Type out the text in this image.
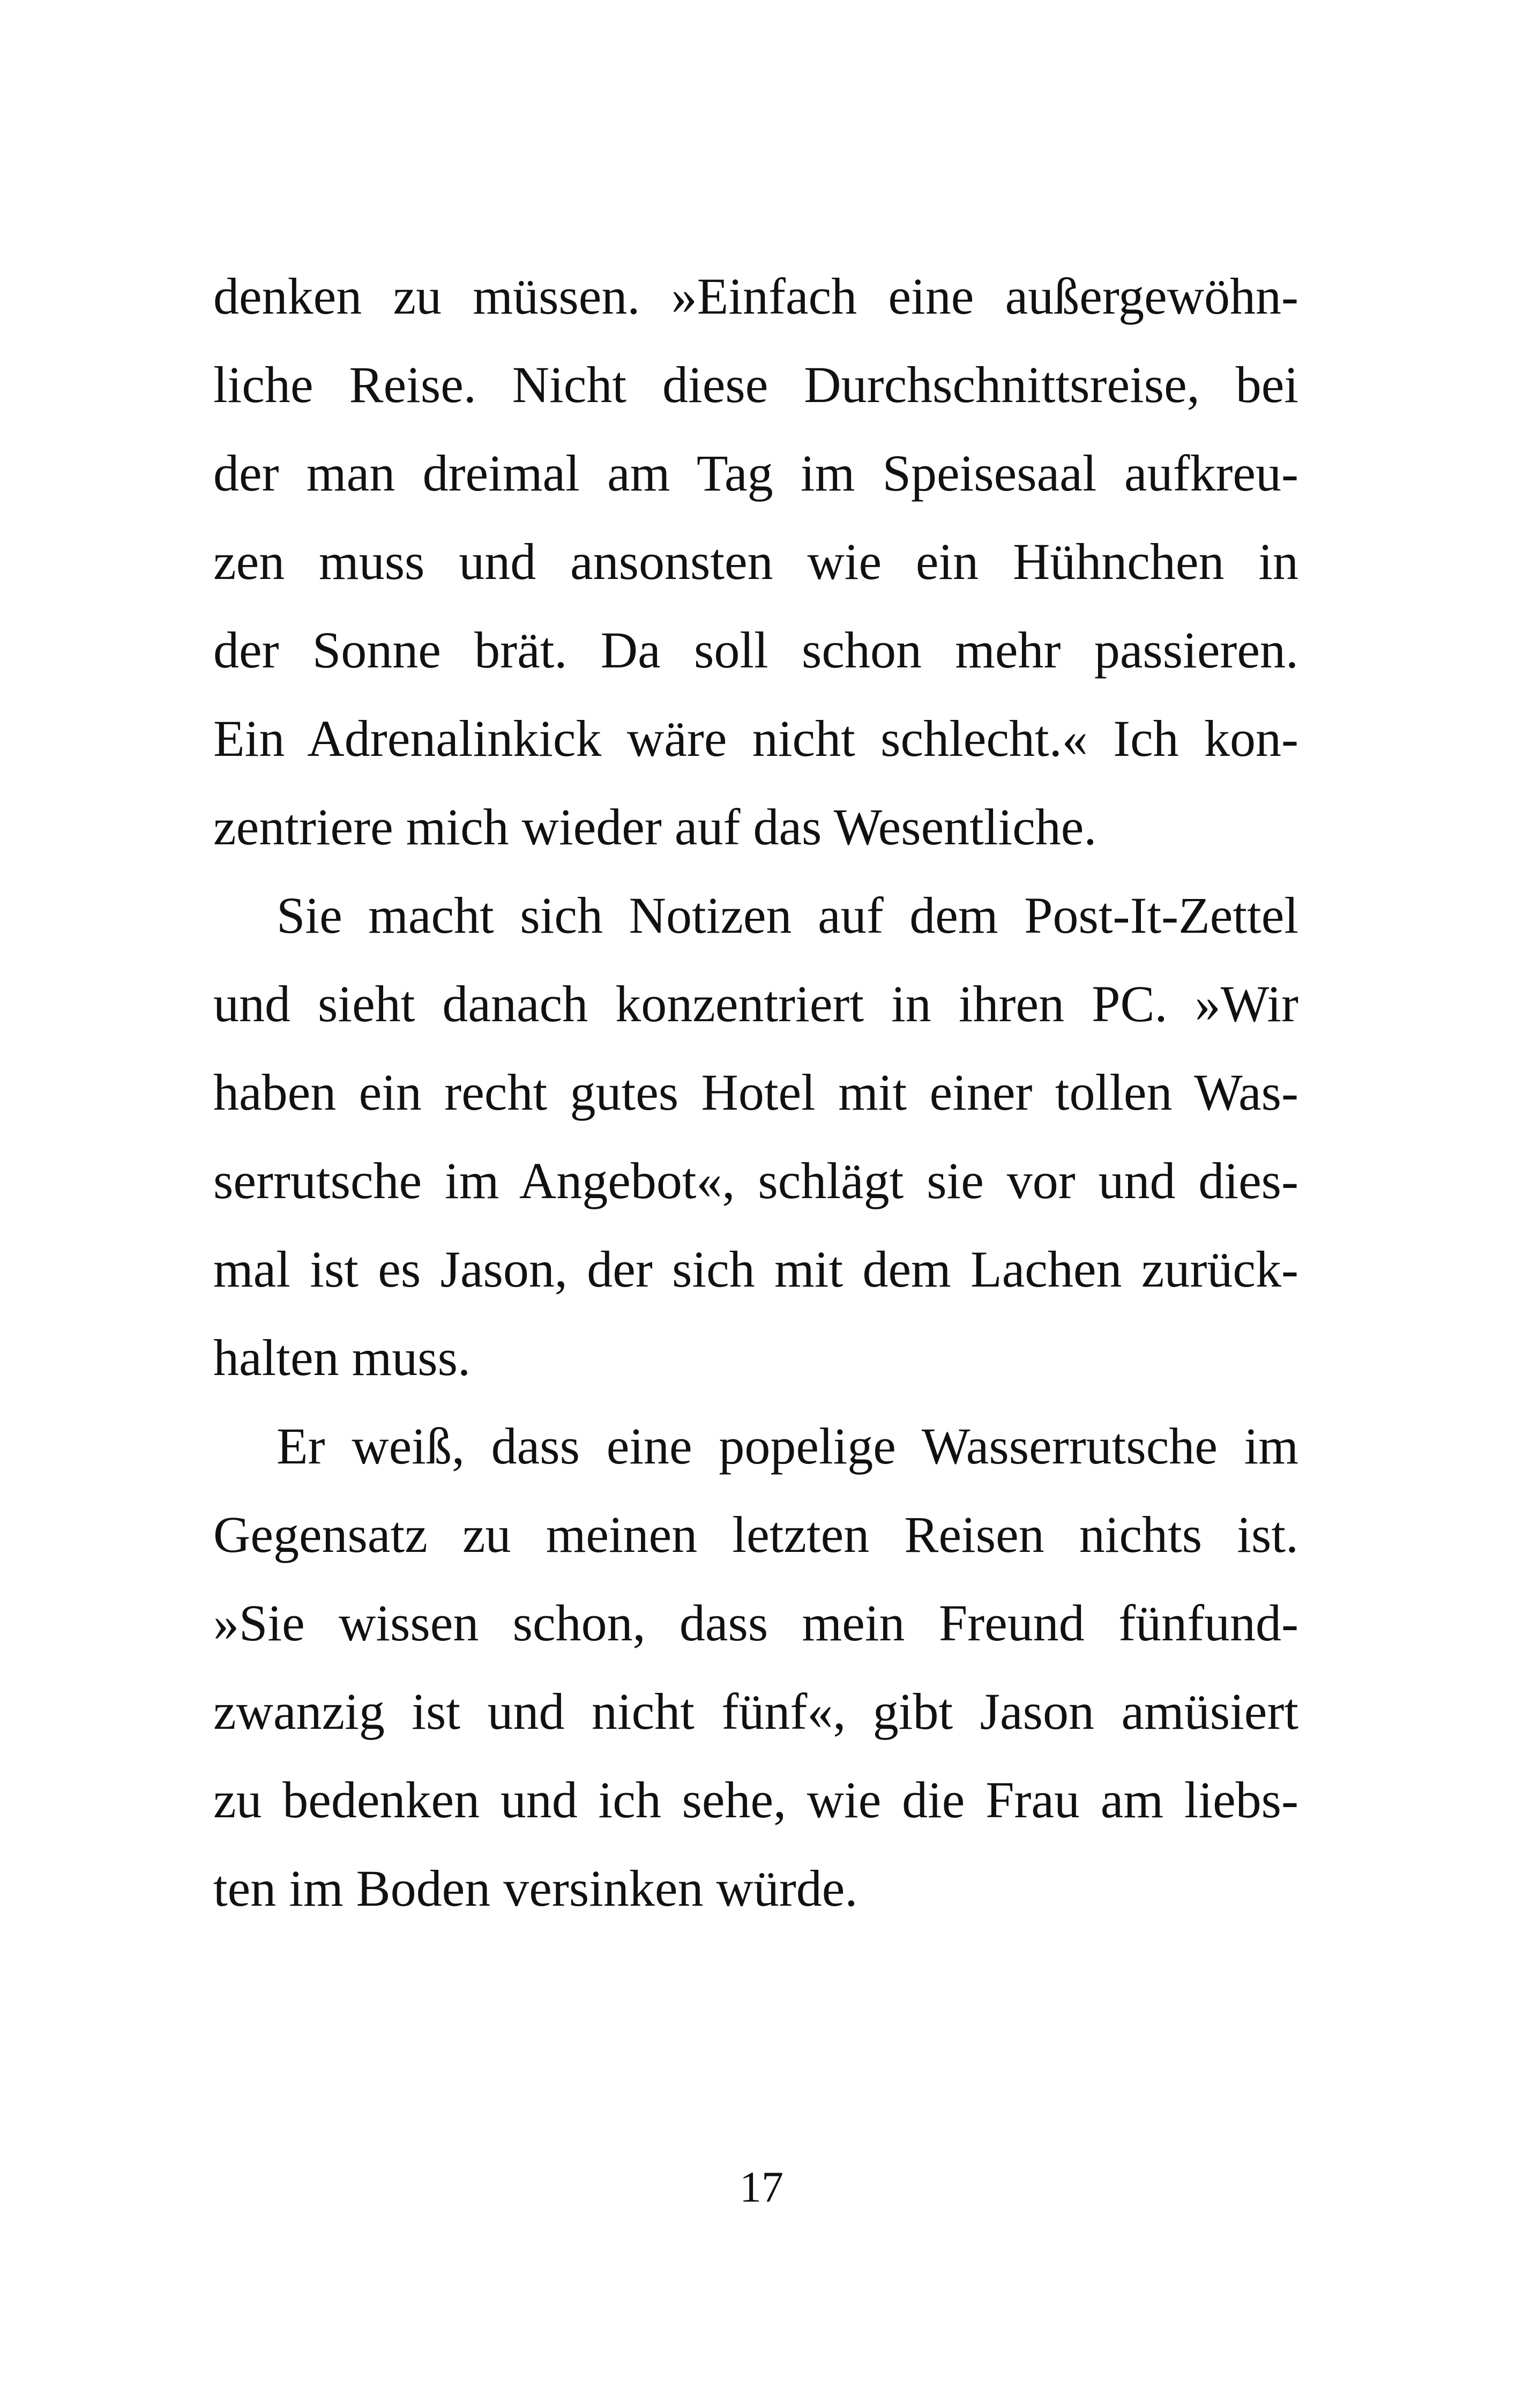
denken zu müssen. »Einfach eine außergewöhn-
liche Reise. Nicht diese Durchschnittsreise, bei
der man dreimal am Tag im Speisesaal aufkreu-
zen muss und ansonsten wie ein Hühnchen in
der Sonne brät. Da soll schon mehr passieren.
Ein Adrenalinkick wäre nicht schlecht.« Ich kon-
zentriere mich wieder auf das Wesentliche.
Sie macht sich Notizen auf dem Post-It-Zettel
und sieht danach konzentriert in ihren PC. »Wir
haben ein recht gutes Hotel mit einer tollen Was-
serrutsche im Angebot«, schlägt sie vor und dies-
mal ist es Jason, der sich mit dem Lachen zurück-
halten muss.
Er weiß, dass eine popelige Wasserrutsche im
Gegensatz zu meinen letzten Reisen nichts ist.
»Sie wissen schon, dass mein Freund fünfund-
zwanzig ist und nicht fünf«, gibt Jason amüsiert
zu bedenken und ich sehe, wie die Frau am liebs-
ten im Boden versinken würde.
17
